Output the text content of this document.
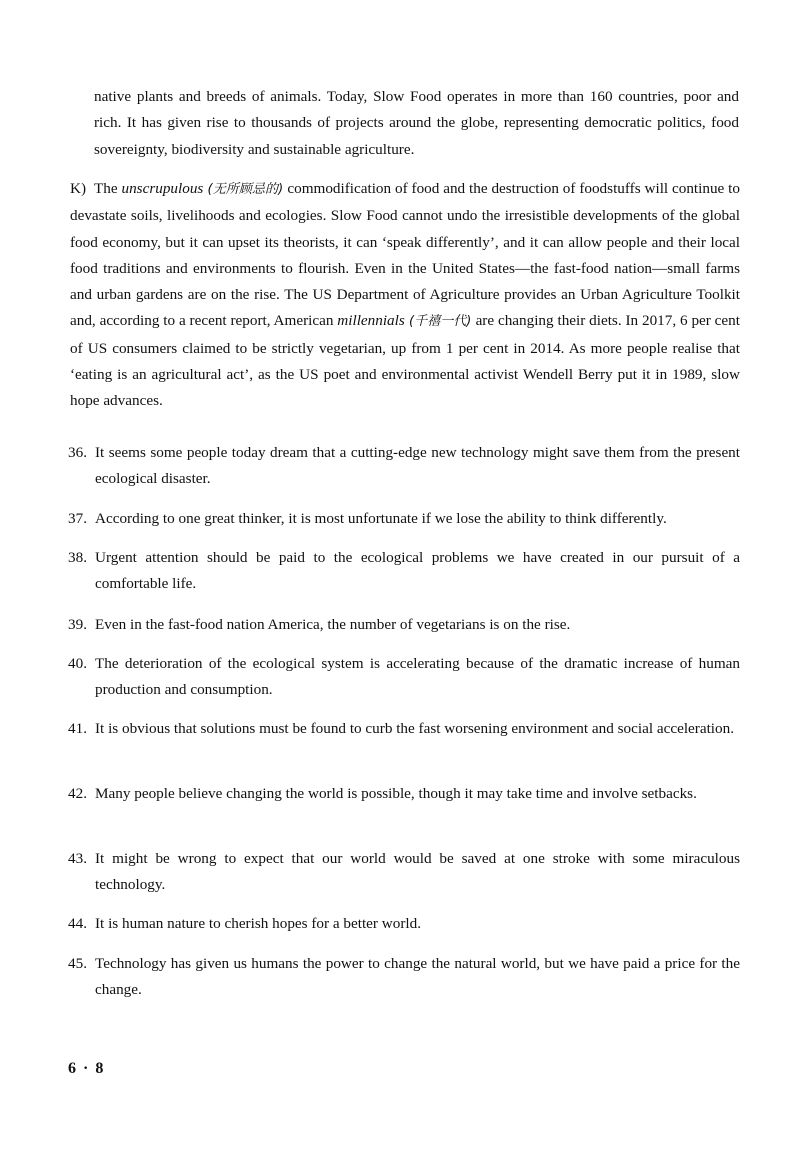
native plants and breeds of animals. Today, Slow Food operates in more than 160 countries, poor and rich. It has given rise to thousands of projects around the globe, representing democratic politics, food sovereignty, biodiversity and sustainable agriculture.

K) The unscrupulous (无所顾忌的) commodification of food and the destruction of foodstuffs will continue to devastate soils, livelihoods and ecologies. Slow Food cannot undo the irresistible developments of the global food economy, but it can upset its theorists, it can ‘speak differently’, and it can allow people and their local food traditions and environments to flourish. Even in the United States—the fast-food nation—small farms and urban gardens are on the rise. The US Department of Agriculture provides an Urban Agriculture Toolkit and, according to a recent report, American millennials (千禧一代) are changing their diets. In 2017, 6 per cent of US consumers claimed to be strictly vegetarian, up from 1 per cent in 2014. As more people realise that ‘eating is an agricultural act’, as the US poet and environmental activist Wendell Berry put it in 1989, slow hope advances.

36. It seems some people today dream that a cutting-edge new technology might save them from the present ecological disaster.
37. According to one great thinker, it is most unfortunate if we lose the ability to think differently.
38. Urgent attention should be paid to the ecological problems we have created in our pursuit of a comfortable life.
39. Even in the fast-food nation America, the number of vegetarians is on the rise.
40. The deterioration of the ecological system is accelerating because of the dramatic increase of human production and consumption.
41. It is obvious that solutions must be found to curb the fast worsening environment and social acceleration.
42. Many people believe changing the world is possible, though it may take time and involve setbacks.
43. It might be wrong to expect that our world would be saved at one stroke with some miraculous technology.
44. It is human nature to cherish hopes for a better world.
45. Technology has given us humans the power to change the natural world, but we have paid a price for the change.
6 · 8
